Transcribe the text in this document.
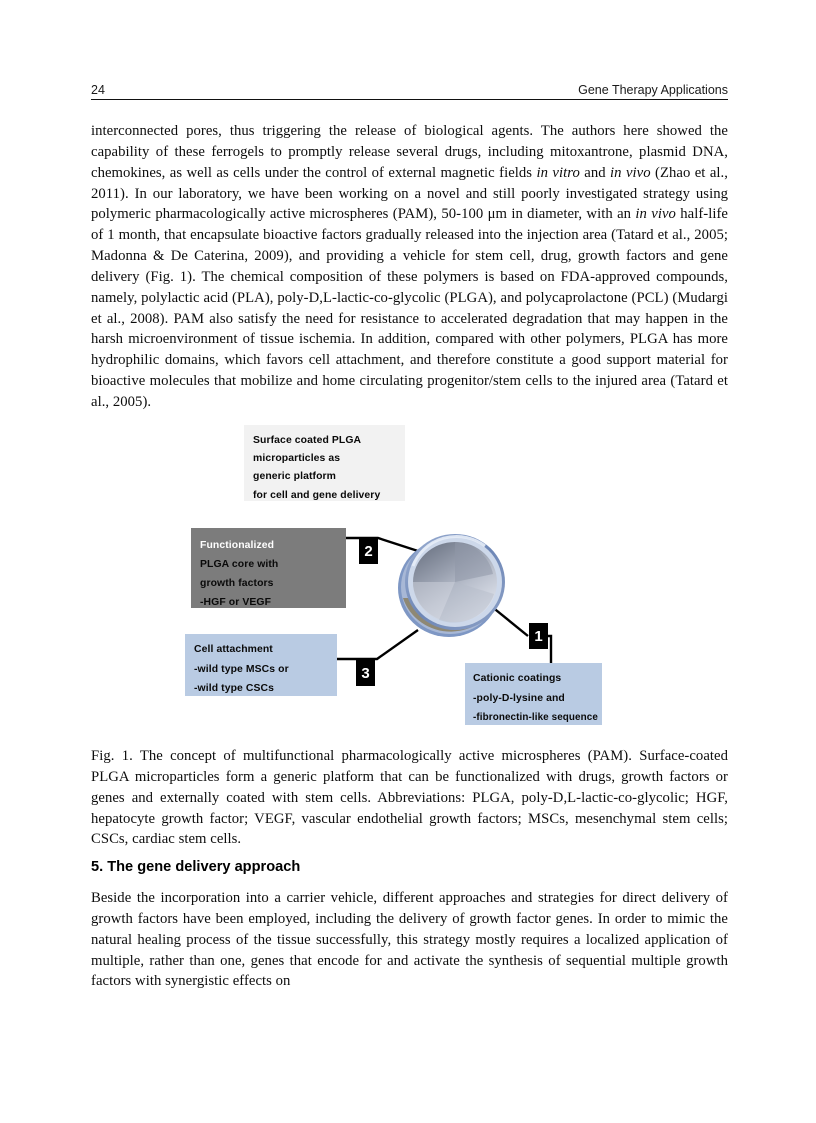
24	Gene Therapy Applications

interconnected pores, thus triggering the release of biological agents. The authors here showed the capability of these ferrogels to promptly release several drugs, including mitoxantrone, plasmid DNA, chemokines, as well as cells under the control of external magnetic fields in vitro and in vivo (Zhao et al., 2011). In our laboratory, we have been working on a novel and still poorly investigated strategy using polymeric pharmacologically active microspheres (PAM), 50-100 μm in diameter, with an in vivo half-life of 1 month, that encapsulate bioactive factors gradually released into the injection area (Tatard et al., 2005; Madonna & De Caterina, 2009), and providing a vehicle for stem cell, drug, growth factors and gene delivery (Fig. 1). The chemical composition of these polymers is based on FDA-approved compounds, namely, polylactic acid (PLA), poly-D,L-lactic-co-glycolic (PLGA), and polycaprolactone (PCL) (Mudargi et al., 2008). PAM also satisfy the need for resistance to accelerated degradation that may happen in the harsh microenvironment of tissue ischemia. In addition, compared with other polymers, PLGA has more hydrophilic domains, which favors cell attachment, and therefore constitute a good support material for bioactive molecules that mobilize and home circulating progenitor/stem cells to the injured area (Tatard et al., 2005).

Surface coated PLGA
microparticles as
generic platform
for cell and gene delivery
Functionalized
PLGA core with
growth factors
-HGF or VEGF
Cell attachment
-wild type MSCs or
-wild type CSCs
Cationic coatings
-poly-D-lysine and
-fibronectin-like sequence
1
2
3

Fig. 1. The concept of multifunctional pharmacologically active microspheres (PAM). Surface-coated PLGA microparticles form a generic platform that can be functionalized with drugs, growth factors or genes and externally coated with stem cells. Abbreviations: PLGA, poly-D,L-lactic-co-glycolic; HGF, hepatocyte growth factor; VEGF, vascular endothelial growth factors; MSCs, mesenchymal stem cells; CSCs, cardiac stem cells.

5. The gene delivery approach

Beside the incorporation into a carrier vehicle, different approaches and strategies for direct delivery of growth factors have been employed, including the delivery of growth factor genes. In order to mimic the natural healing process of the tissue successfully, this strategy mostly requires a localized application of multiple, rather than one, genes that encode for and activate the synthesis of sequential multiple growth factors with synergistic effects on
